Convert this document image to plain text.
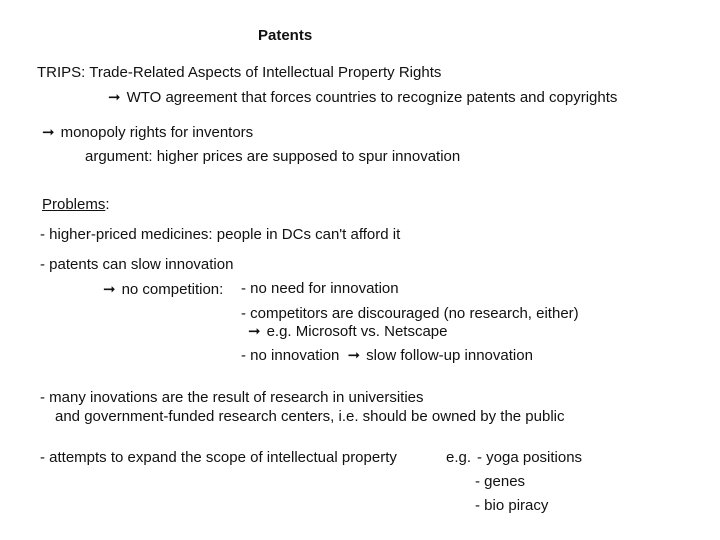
Patents
TRIPS: Trade-Related Aspects of Intellectual Property Rights
➞ WTO agreement that forces countries to recognize patents and copyrights
➞ monopoly rights for inventors
argument: higher prices are supposed to spur innovation
Problems:
- higher-priced medicines: people in DCs can't afford it
- patents can slow innovation
➞ no competition: - no need for innovation
- competitors are discouraged (no research, either)
➞ e.g. Microsoft vs. Netscape
- no innovation ➞ slow follow-up innovation
- many inovations are the result of research in universities
and government-funded research centers, i.e. should be owned by the public
- attempts to expand the scope of intellectual property	e.g. - yoga positions
- genes
- bio piracy
